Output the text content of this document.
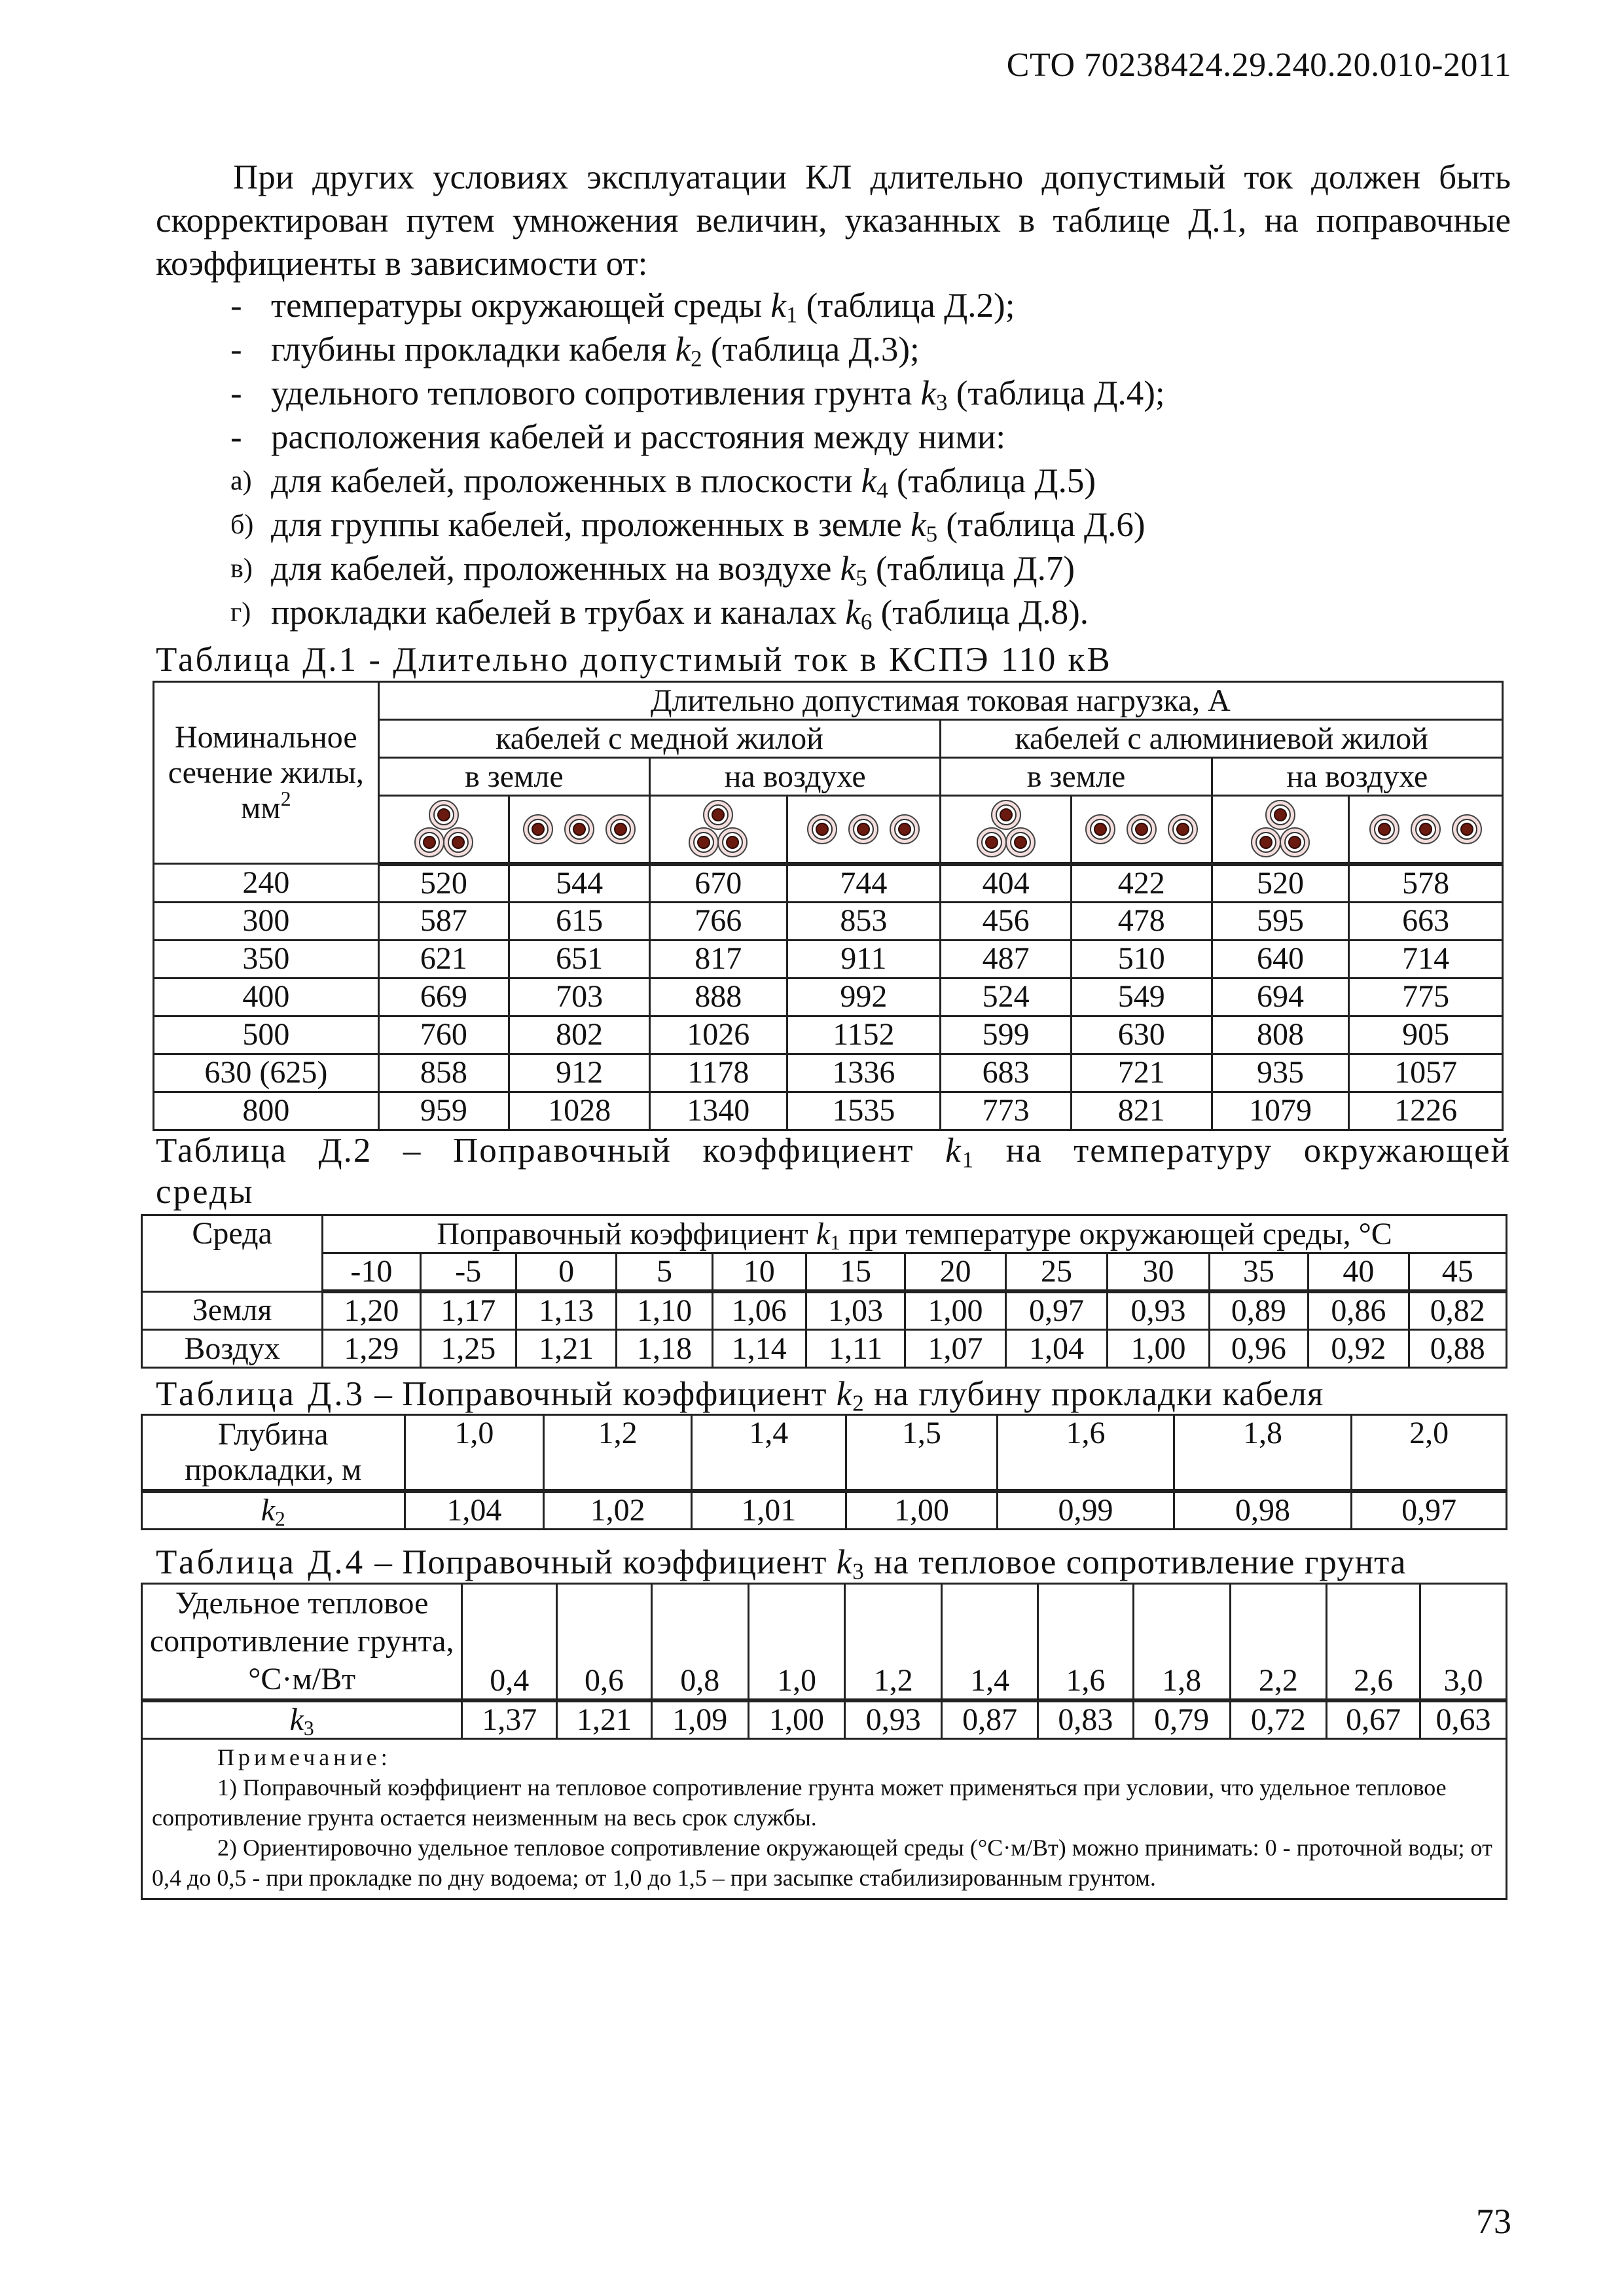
СТО 70238424.29.240.20.010-2011

При других условиях эксплуатации КЛ длительно допустимый ток должен быть скорректирован путем умножения величин, указанных в таблице Д.1, на поправочные коэффициенты в зависимости от:

- температуры окружающей среды $k_1$ (таблица Д.2);
- глубины прокладки кабеля $k_2$ (таблица Д.3);
- удельного теплового сопротивления грунта $k_3$ (таблица Д.4);
- расположения кабелей и расстояния между ними:
а) для кабелей, проложенных в плоскости $k_4$ (таблица Д.5)
б) для группы кабелей, проложенных в земле $k_5$ (таблица Д.6)
в) для кабелей, проложенных на воздухе $k_5$ (таблица Д.7)
г) прокладки кабелей в трубах и каналах $k_6$ (таблица Д.8).
Таблица Д.1 - Длительно допустимый ток в КСПЭ 110 кВ
Номинальное сечение жилы, $мм^2$	Длительно допустимая токовая нагрузка, А							
	кабелей с медной жилой				кабелей с алюминиевой жилой			
	в земле		на воздухе		в земле		на воздухе	

240	520	544	670	744	404	422	520	578
300	587	615	766	853	456	478	595	663
350	621	651	817	911	487	510	640	714
400	669	703	888	992	524	549	694	775
500	760	802	1026	1152	599	630	808	905
630 (625)	858	912	1178	1336	683	721	935	1057
800	959	1028	1340	1535	773	821	1079	1226
Таблица Д.2 – Поправочный коэффициент $k_1$ на температуру окружающей
среды
Среда	Поправочный коэффициент $k_1$ при температуре окружающей среды, °С											
	-10	-5	0	5	10	15	20	25	30	35	40	45
Земля	1,20	1,17	1,13	1,10	1,06	1,03	1,00	0,97	0,93	0,89	0,86	0,82
Воздух	1,29	1,25	1,21	1,18	1,14	1,11	1,07	1,04	1,00	0,96	0,92	0,88
Таблица Д.3 – Поправочный коэффициент $k_2$ на глубину прокладки кабеля
Глубина прокладки, м	1,0	1,2	1,4	1,5	1,6	1,8	2,0
$k_2$	1,04	1,02	1,01	1,00	0,99	0,98	0,97
Таблица Д.4 – Поправочный коэффициент $k_3$ на тепловое сопротивление грунта
Удельное тепловое сопротивление грунта, °С·м/Вт	0,4	0,6	0,8	1,0	1,2	1,4	1,6	1,8	2,2	2,6	3,0
$k_3$	1,37	1,21	1,09	1,00	0,93	0,87	0,83	0,79	0,72	0,67	0,63

Примечание:
1) Поправочный коэффициент на тепловое сопротивление грунта может применяться при условии, что удельное тепловое сопротивление грунта остается неизменным на весь срок службы.
2) Ориентировочно удельное тепловое сопротивление окружающей среды (°С·м/Вт) можно принимать: 0 - проточной воды; от 0,4 до 0,5 - при прокладке по дну водоема; от 1,0 до 1,5 – при засыпке стабилизированным грунтом.											
73
